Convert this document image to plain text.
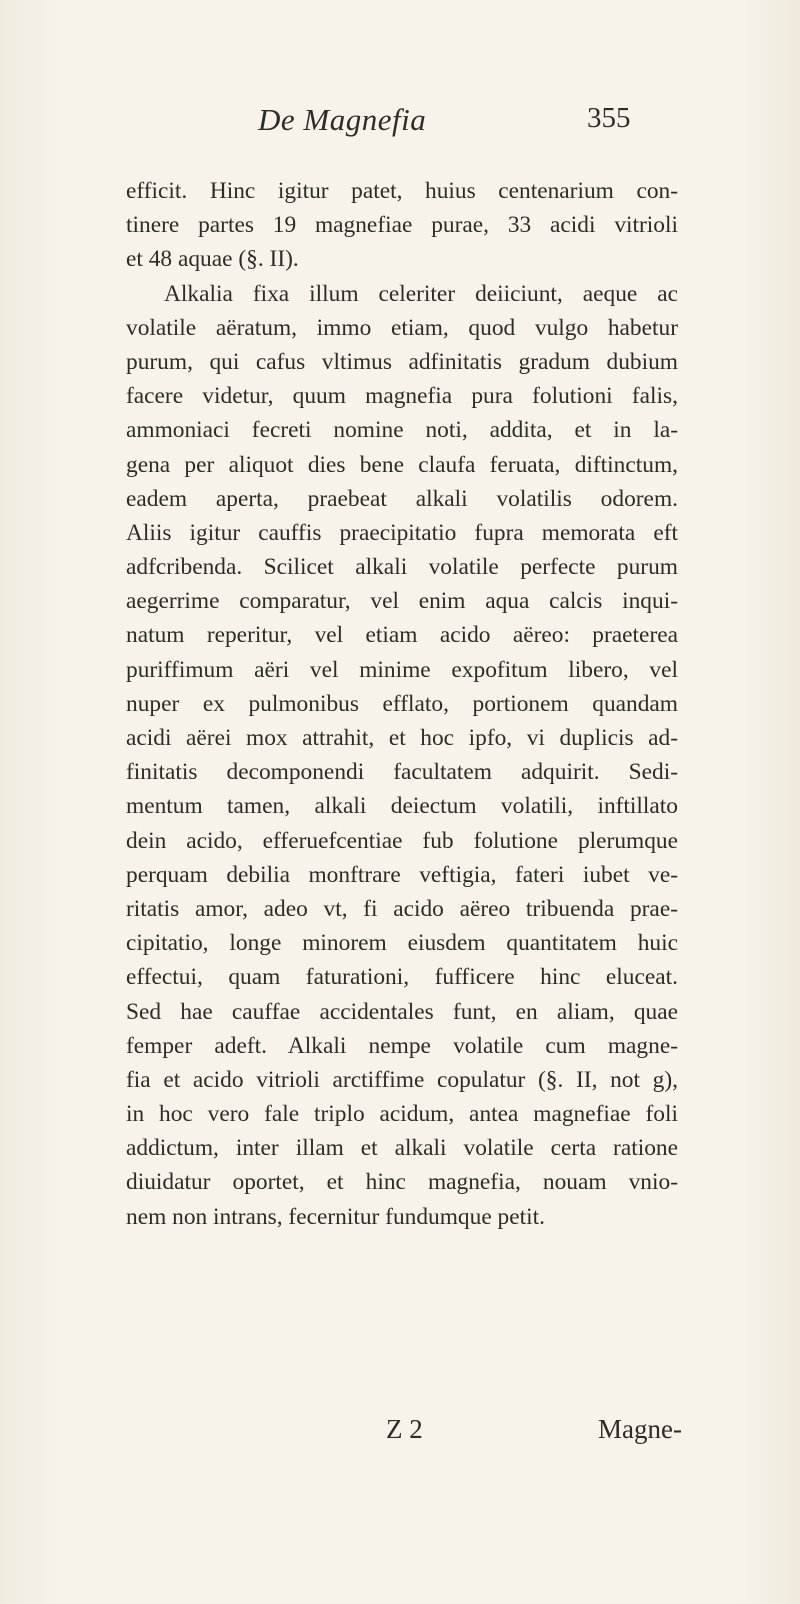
De Magnefia	355
efficit. Hinc igitur patet, huius centenarium con-
tinere partes 19 magnefiae purae, 33 acidi vitrioli
et 48 aquae (§. II).
Alkalia fixa illum celeriter deiiciunt, aeque ac
volatile aëratum, immo etiam, quod vulgo habetur
purum, qui cafus vltimus adfinitatis gradum dubium
facere videtur, quum magnefia pura folutioni falis,
ammoniaci fecreti nomine noti, addita, et in la-
gena per aliquot dies bene claufa feruata, diftinctum,
eadem aperta, praebeat alkali volatilis odorem.
Aliis igitur cauffis praecipitatio fupra memorata eft
adfcribenda. Scilicet alkali volatile perfecte purum
aegerrime comparatur, vel enim aqua calcis inqui-
natum reperitur, vel etiam acido aëreo: praeterea
puriffimum aëri vel minime expofitum libero, vel
nuper ex pulmonibus efflato, portionem quandam
acidi aërei mox attrahit, et hoc ipfo, vi duplicis ad-
finitatis decomponendi facultatem adquirit. Sedi-
mentum tamen, alkali deiectum volatili, inftillato
dein acido, efferuefcentiae fub folutione plerumque
perquam debilia monftrare veftigia, fateri iubet ve-
ritatis amor, adeo vt, fi acido aëreo tribuenda prae-
cipitatio, longe minorem eiusdem quantitatem huic
effectui, quam faturationi, fufficere hinc eluceat.
Sed hae cauffae accidentales funt, en aliam, quae
femper adeft. Alkali nempe volatile cum magne-
fia et acido vitrioli arctiffime copulatur (§. II, not g),
in hoc vero fale triplo acidum, antea magnefiae foli
addictum, inter illam et alkali volatile certa ratione
diuidatur oportet, et hinc magnefia, nouam vnio-
nem non intrans, fecernitur fundumque petit.
Z 2	Magne-
